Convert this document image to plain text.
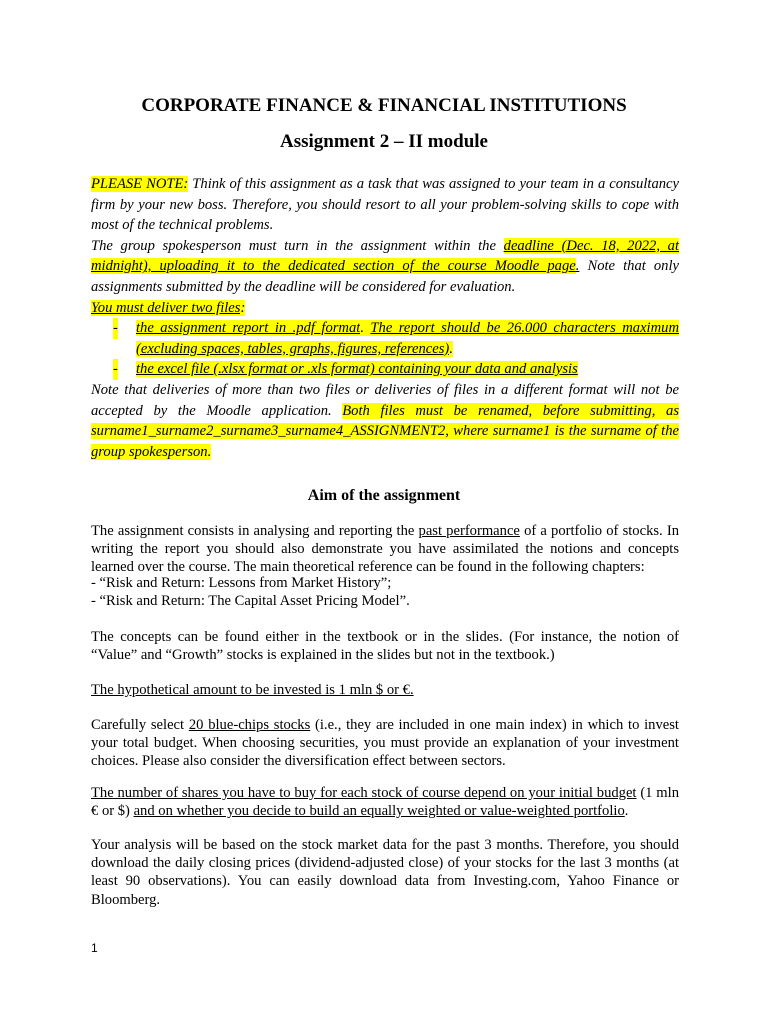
CORPORATE FINANCE & FINANCIAL INSTITUTIONS
Assignment 2 – II module

PLEASE NOTE: Think of this assignment as a task that was assigned to your team in a consultancy firm by your new boss. Therefore, you should resort to all your problem-solving skills to cope with most of the technical problems.

The group spokesperson must turn in the assignment within the deadline (Dec. 18, 2022, at midnight), uploading it to the dedicated section of the course Moodle page. Note that only assignments submitted by the deadline will be considered for evaluation.

You must deliver two files:

- the assignment report in .pdf format. The report should be 26.000 characters maximum (excluding spaces, tables, graphs, figures, references).
- the excel file (.xlsx format or .xls format) containing your data and analysis

Note that deliveries of more than two files or deliveries of files in a different format will not be accepted by the Moodle application. Both files must be renamed, before submitting, as surname1_surname2_surname3_surname4_ASSIGNMENT2, where surname1 is the surname of the group spokesperson.

Aim of the assignment

The assignment consists in analysing and reporting the past performance of a portfolio of stocks. In writing the report you should also demonstrate you have assimilated the notions and concepts learned over the course. The main theoretical reference can be found in the following chapters:

- “Risk and Return: Lessons from Market History”;

- “Risk and Return: The Capital Asset Pricing Model”.

The concepts can be found either in the textbook or in the slides. (For instance, the notion of “Value” and “Growth” stocks is explained in the slides but not in the textbook.)

The hypothetical amount to be invested is 1 mln $ or €.

Carefully select 20 blue-chips stocks (i.e., they are included in one main index) in which to invest your total budget. When choosing securities, you must provide an explanation of your investment choices. Please also consider the diversification effect between sectors.

The number of shares you have to buy for each stock of course depend on your initial budget (1 mln € or $) and on whether you decide to build an equally weighted or value-weighted portfolio.

Your analysis will be based on the stock market data for the past 3 months. Therefore, you should download the daily closing prices (dividend-adjusted close) of your stocks for the last 3 months (at least 90 observations). You can easily download data from Investing.com, Yahoo Finance or Bloomberg.

1
